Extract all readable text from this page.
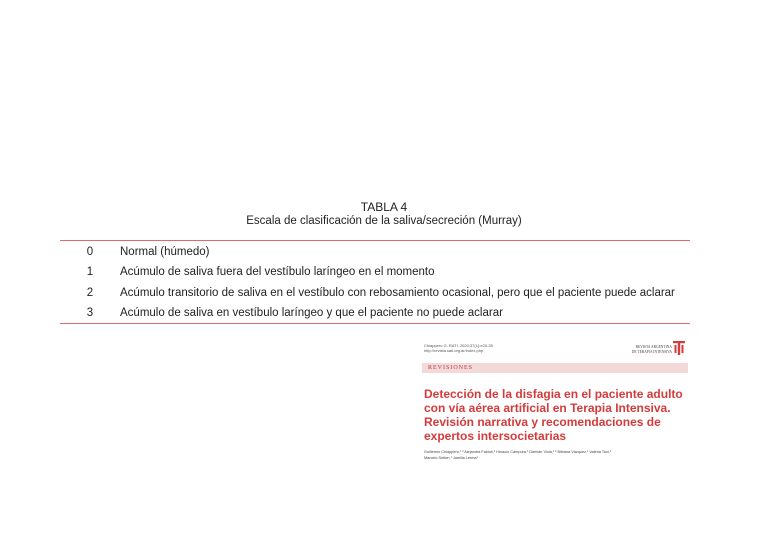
TABLA 4
Escala de clasificación de la saliva/secreción (Murray)
0 Normal (húmedo)
1 Acúmulo de saliva fuera del vestíbulo laríngeo en el momento
2 Acúmulo transitorio de saliva en el vestíbulo con rebosamiento ocasional, pero que el paciente puede aclarar
3 Acúmulo de saliva en vestíbulo laríngeo y que el paciente no puede aclarar
Chiappero G. RATI. 2020;37(1):e20-35
http://revista.sati.org.ar/index.php
REVISTA ARGENTINA
DE TERAPIA INTENSIVA
REVISIONES
Detección de la disfagia en el paciente adulto
con vía aérea artificial en Terapia Intensiva.
Revisión narrativa y recomendaciones de
expertos intersocietarias
Guillermo Chiappero,¹ ² Alejandra Falduti,¹ Horacio Cámpora,¹ Damián Viola,¹ ² Bibiana Vázquez,¹ Valeria Toni,¹
Marcelo Setten,¹ Jamilia Lerma¹
